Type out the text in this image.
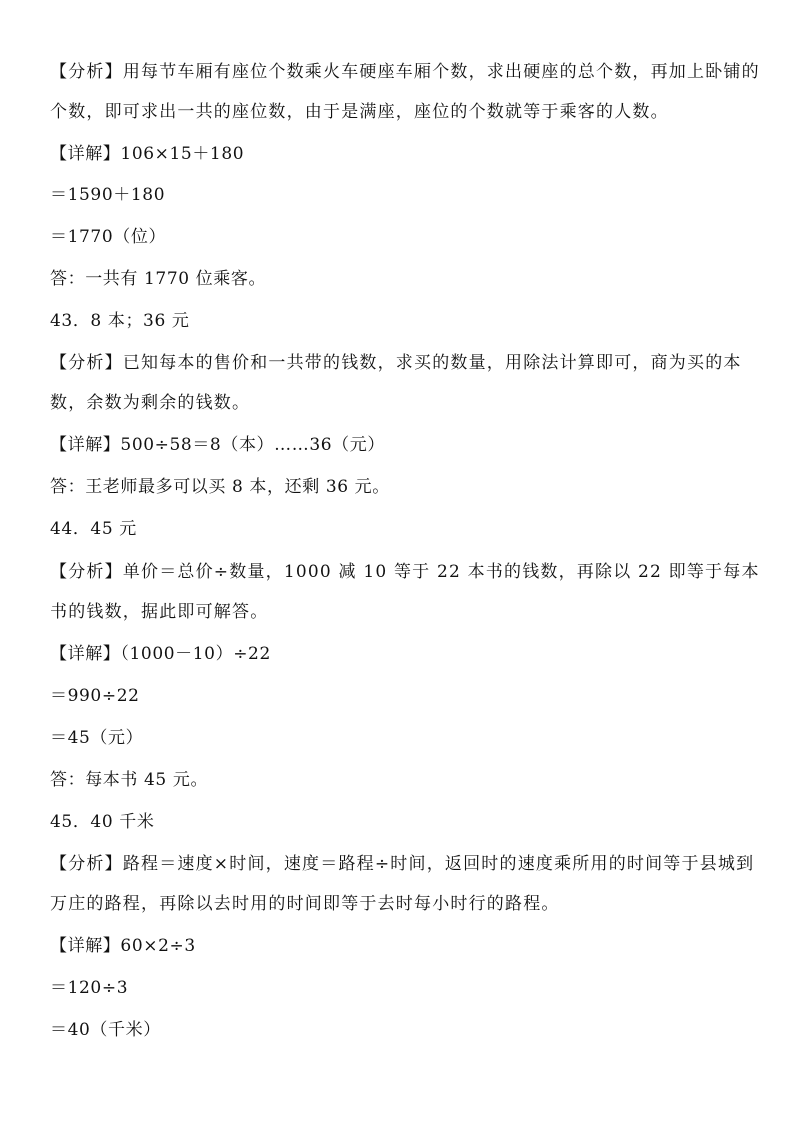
【分析】用每节车厢有座位个数乘火车硬座车厢个数，求出硬座的总个数，再加上卧铺的个数，即可求出一共的座位数，由于是满座，座位的个数就等于乘客的人数。
【详解】106×15＋180
＝1590＋180
＝1770（位）
答：一共有 1770 位乘客。
43．8 本；36 元
【分析】已知每本的售价和一共带的钱数，求买的数量，用除法计算即可，商为买的本数，余数为剩余的钱数。
【详解】500÷58＝8（本）……36（元）
答：王老师最多可以买 8 本，还剩 36 元。
44．45 元
【分析】单价＝总价÷数量，1000 减 10 等于 22 本书的钱数，再除以 22 即等于每本书的钱数，据此即可解答。
【详解】（1000－10）÷22
＝990÷22
＝45（元）
答：每本书 45 元。
45．40 千米
【分析】路程＝速度×时间，速度＝路程÷时间，返回时的速度乘所用的时间等于县城到万庄的路程，再除以去时用的时间即等于去时每小时行的路程。
【详解】60×2÷3
＝120÷3
＝40（千米）
